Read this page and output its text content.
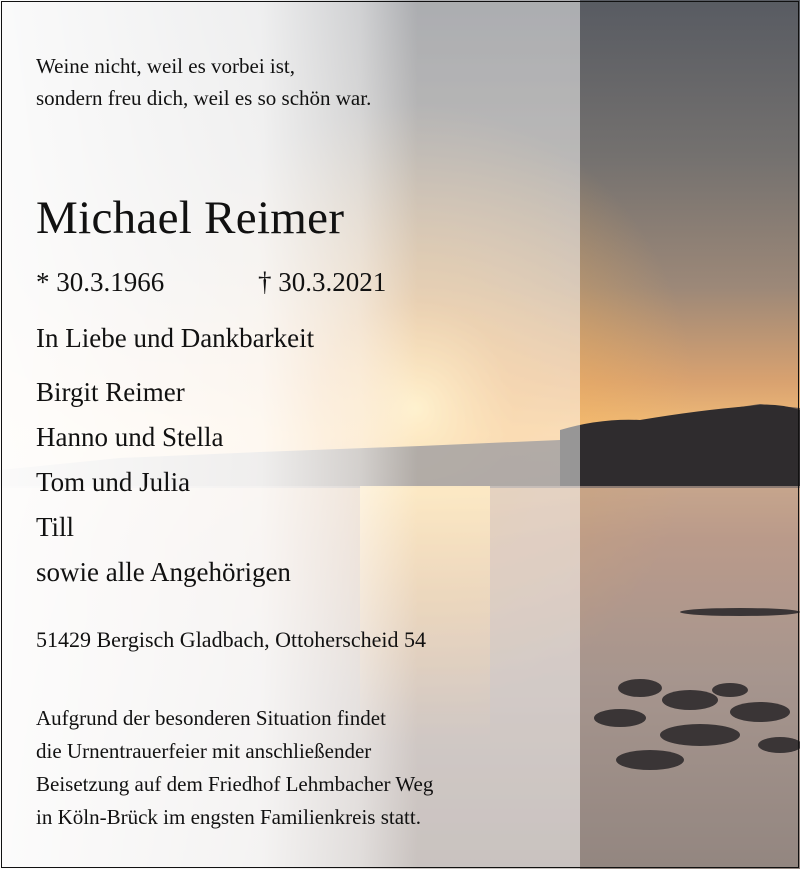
Weine nicht, weil es vorbei ist,
sondern freu dich, weil es so schön war.
Michael Reimer
* 30.3.1966	† 30.3.2021
In Liebe und Dankbarkeit
Birgit Reimer
Hanno und Stella
Tom und Julia
Till
sowie alle Angehörigen
51429 Bergisch Gladbach, Ottoherscheid 54
Aufgrund der besonderen Situation findet
die Urnentrauerfeier mit anschließender
Beisetzung auf dem Friedhof Lehmbacher Weg
in Köln-Brück im engsten Familienkreis statt.
